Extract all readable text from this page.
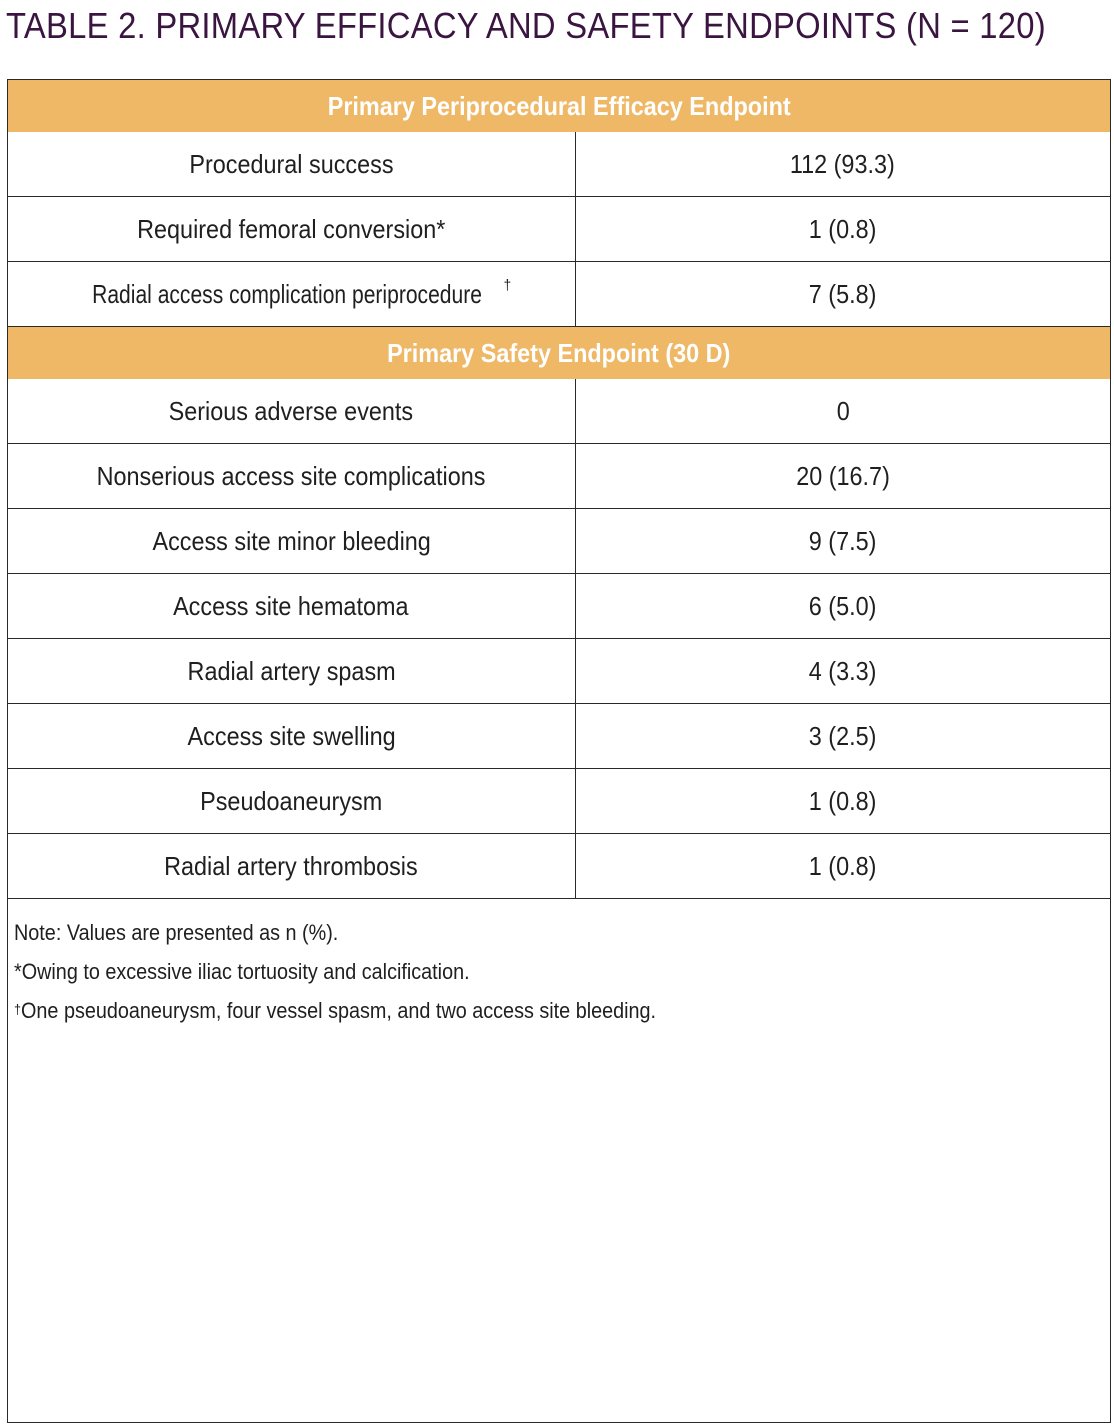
TABLE 2. PRIMARY EFFICACY AND SAFETY ENDPOINTS (N = 120)
Primary Periprocedural Efficacy Endpoint	
Procedural success	112 (93.3)
Required femoral conversion*	1 (0.8)
Radial access complication periprocedure †	7 (5.8)
Primary Safety Endpoint (30 D)	
Serious adverse events	0
Nonserious access site complications	20 (16.7)
Access site minor bleeding	9 (7.5)
Access site hematoma	6 (5.0)
Radial artery spasm	4 (3.3)
Access site swelling	3 (2.5)
Pseudoaneurysm	1 (0.8)
Radial artery thrombosis	1 (0.8)
Note: Values are presented as n (%).
*Owing to excessive iliac tortuosity and calcification.
†One pseudoaneurysm, four vessel spasm, and two access site bleeding.
